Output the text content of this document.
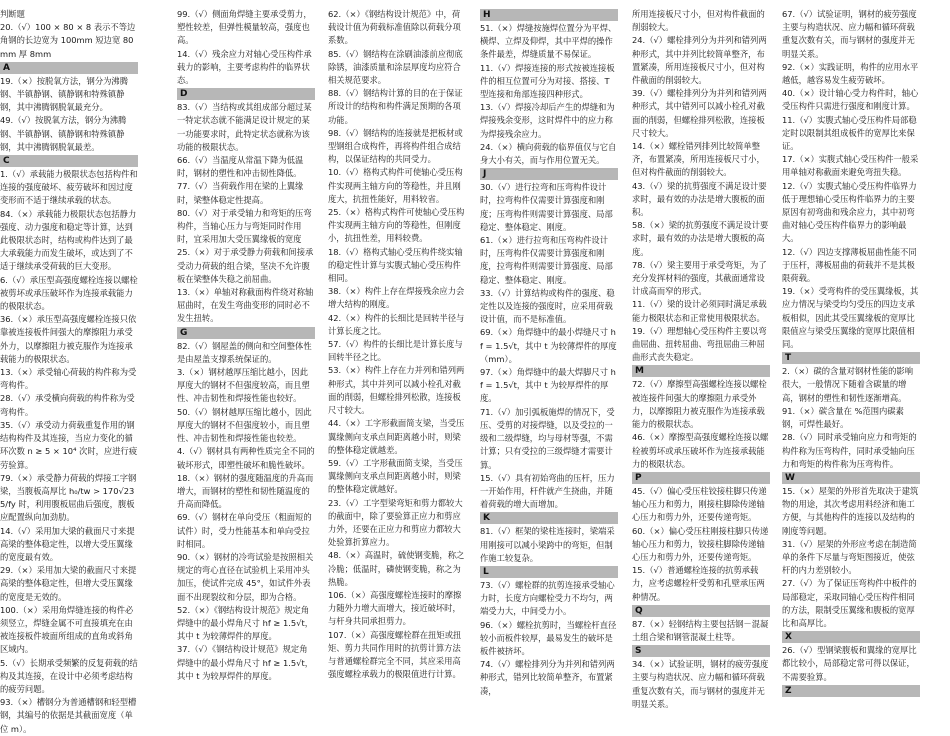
判断题
20.（√）100 × 80 × 8 表示不等边角钢的长边宽为 100mm 短边宽 80mm 厚 8mm
A
19.（×）按脱氧方法，钢分为沸腾钢、半镇静钢、镇静钢和特殊镇静钢，其中沸腾钢脱氧最充分。
49.（√）按脱氧方法，钢分为沸腾钢、半镇静钢、镇静钢和特殊镇静钢，其中沸腾钢脱氧最差。
C
1.（√）承载能力极限状态包括构件和连接的强度破坏、疲劳破坏和因过度变形而不适于继续承载的状态。
84.（×）承载能力极限状态包括静力强度、动力强度和稳定等计算，达到此极限状态时，结构或构件达到了最大承载能力而发生破坏，或达到了不适于继续承受荷载的巨大变形。
6.（√）承压型高强度螺栓连接以螺栓被剪坏或承压破坏作为连接承载能力的极限状态。
36.（×）承压型高强度螺栓连接只依靠被连接板件间强大的摩擦阻力承受外力，以摩擦阻力被克服作为连接承载能力的极限状态。
13.（×）承受轴心荷载的构件称为受弯构件。
28.（√）承受横向荷载的构件称为受弯构件。
35.（√）承受动力荷载重复作用的钢结构构件及其连接，当应力变化的循环次数 n ≥ 5 × 10⁴ 次时，应进行疲劳验算。
79.（×）承受静力荷载的焊接工字钢梁，当腹板高厚比 h₀/tw > 170√235/fy 时，利用腹板屈曲后强度，腹板应配置纵向加劲肋。
14.（√）采用加大梁的截面尺寸来提高梁的整体稳定性，以增大受压翼缘的宽度最有效。
29.（×）采用加大梁的截面尺寸来提高梁的整体稳定性，但增大受压翼缘的宽度是无效的。
100.（×）采用角焊缝连接的构件必须竖立，焊缝金属不可直接填充在由被连接板件坡面所组成的直角或斜角区域内。
5.（√）长期承受频繁的反复荷载的结构及其连接，在设计中必须考虑结构的疲劳问题。
93.（×）槽钢分为普通槽钢和轻型槽钢，其编号的依据是其截面宽度（单位 m）。
99.（√）侧面角焊缝主要承受剪力，塑性较差，但弹性模量较高，强度也高。
14.（√）残余应力对轴心受压构件承载力的影响，主要考虑构件的临界状态。
D
83.（√）当结构或其组成部分超过某一特定状态就不能满足设计规定的某一功能要求时，此特定状态就称为该功能的极限状态。
66.（√）当温度从常温下降为低温时，钢材的塑性和冲击韧性降低。
77.（√）当荷载作用在梁的上翼缘时，梁整体稳定性提高。
80.（√）对于承受轴力和弯矩的压弯构件，当轴心压力与弯矩同时作用时，宜采用加大受压翼缘板的宽度
25.（×）对于承受静力荷载和间接承受动力荷载的组合梁，坚决不允许腹板在梁整体失稳之前屈曲。
13.（×）单轴对称截面构件绕对称轴屈曲时，在发生弯曲变形的同时必不发生扭转。
G
82.（√）钢屋盖的侧向和空间整体性是由屋盖支撑系统保证的。
3.（×）钢材越厚压缩比越小，因此厚度大的钢材不但强度较高，而且塑性、冲击韧性和焊接性能也较好。
50.（√）钢材越厚压缩比越小，因此厚度大的钢材不但强度较小，而且塑性、冲击韧性和焊接性能也较差。
4.（√）钢材具有两种性质完全不同的破坏形式，即塑性破坏和脆性破坏。
18.（×）钢材的强度随温度的升高而增大，而钢材的塑性和韧性随温度的升高而降低。
69.（√）钢材在单向受压（粗面短的试件）时，受力性能基本和单向受拉时相同。
90.（×）钢材的冷弯试验是按照相关规定的弯心直径在试验机上采用冲头加压，使试件完成 45°，如试件外表面不出现裂纹和分层，即为合格。
52.（×）《钢结构设计规范》规定角焊缝中的最小焊角尺寸 hf ≥ 1.5√t，其中 t 为较薄焊件的厚度。
37.（√）《钢结构设计规范》规定角焊缝中的最小焊角尺寸 hf ≥ 1.5√t，其中 t 为较厚焊件的厚度。
62.（×）《钢结构设计规范》中，荷载设计值为荷载标准值除以荷载分项系数。
85.（√）钢结构在涂刷油漆前应彻底除锈，油漆质量和涂层厚度均应符合相关规范要求。
88.（√）钢结构计算的目的在于保证所设计的结构和构件满足预期的各项功能。
98.（√）钢结构的连接就是把板材或型钢组合成构件，再将构件组合成结构，以保证结构的共同受力。
10.（√）格构式构件可使轴心受压构件实现两主轴方向的等稳性，并且刚度大，抗扭性能好，用料较省。
25.（×）格构式构件可使轴心受压构件实现两主轴方向的等稳性，但刚度小，抗扭性差，用料较费。
18.（√）格构式轴心受压构件绕实轴的稳定性计算与实腹式轴心受压构件相同。
38.（×）构件上存在焊接残余应力会增大结构的刚度。
42.（×）构件的长细比是回转半径与计算长度之比。
57.（√）构件的长细比是计算长度与回转半径之比。
53.（×）构件上存在力并列和错列两种形式，其中并列可以减小栓孔对截面的削弱，但螺栓排列松散，连接板尺寸较大。
44.（×）工字形截面简支梁，当受压翼缘侧向支承点间距离越小时，则梁的整体稳定就越差。
59.（√）工字形截面简支梁，当受压翼缘侧向支承点间距离越小时，则梁的整体稳定就越好。
23.（√）工字型梁弯矩和剪力都较大的截面中，除了要验算正应力和剪应力外，还要在正应力和剪应力都较大处验算折算应力。
48.（×）高温时，硫使钢变脆，称之冷脆；低温时，磷使钢变脆，称之为热脆。
106.（×）高强度螺栓连接时的摩擦力随外力增大而增大，接近破坏时，与杆身共同承担剪力。
107.（×）高强度螺栓群在扭矩或扭矩、剪力共同作用时的抗剪计算方法与普通螺栓群完全不同，其应采用高强度螺栓承载力的极限值进行计算。
H
51.（×）焊缝按施焊位置分为平焊、横焊、立焊及仰焊，其中平焊的操作条件最差，焊缝质量不易保证。
11.（√）焊接连接的形式按被连接板件的相互位置可分为对接、搭接、T 型连接和角部连接四种形式。
13.（√）焊接冷却后产生的焊缝和为焊接残余变形，这时焊件中的应力称为焊接残余应力。
24.（×）横向荷载的临界值仅与它自身大小有关，而与作用位置无关。
J
30.（√）进行拉弯和压弯构件设计时，拉弯构件仅需要计算强度和刚度；压弯构件则需要计算强度、局部稳定、整体稳定、刚度。
61.（×）进行拉弯和压弯构件设计时，压弯构件仅需要计算强度和刚度，拉弯构件则需要计算强度、局部稳定、整体稳定、刚度。
33.（√）计算结构或构件的强度、稳定性以及连接的强度时，应采用荷载设计值，而不是标准值。
69.（×）角焊缝中的最小焊缝尺寸 hf = 1.5√t，其中 t 为较薄焊件的厚度（mm）。
97.（×）角焊缝中的最大焊脚尺寸 hf = 1.5√t，其中 t 为较厚焊件的厚度。
71.（√）加引弧板施焊的情况下，受压、受剪的对接焊缝，以及受拉的一级和二级焊缝，均与母材等强，不需计算；只有受拉的三级焊缝才需要计算。
15.（√）具有初始弯曲的压杆，压力一开始作用，杆件就产生挠曲，并随着荷载的增大而增加。
K
81.（√）框架的梁柱连接时，梁端采用刚接可以减小梁跨中的弯矩，但制作施工较复杂。
L
73.（√）螺栓群的抗剪连接承受轴心力时，长度方向螺栓受力不均匀，两端受力大，中间受力小。
96.（×）螺栓抗剪时，当螺栓杆直径较小而板件较厚，最易发生的破坏是板件被挤坏。
74.（√）螺栓排列分为并列和错列两种形式，错列比较简单整齐，布置紧凑，
所用连接板尺寸小，但对构件截面的削弱较大。
24.（√）螺栓排列分为并列和错列两种形式，其中并列比较简单整齐，布置紧凑，所用连接板尺寸小，但对构件截面的削弱较大。
39.（√）螺栓排列分为并列和错列两种形式，其中错列可以减小栓孔对截面的削弱，但螺栓排列松散，连接板尺寸较大。
14.（×）螺栓错列排列比较简单整齐，布置紧凑，所用连接板尺寸小，但对构件截面的削弱较大。
43.（√）梁的抗剪强度不满足设计要求时，最有效的办法是增大腹板的面积。
58.（×）梁的抗剪强度不满足设计要求时，最有效的办法是增大腹板的高度。
78.（√）梁主要用于承受弯矩，为了充分发挥材料的强度，其截面通常设计成高而窄的形式。
11.（√）梁的设计必须同时满足承载能力极限状态和正常使用极限状态。
19.（√）理想轴心受压构件主要以弯曲屈曲、扭转屈曲、弯扭屈曲三种屈曲形式丧失稳定。
M
72.（√）摩擦型高强螺栓连接以螺栓被连接件间强大的摩擦阻力承受外力，以摩擦阻力被克服作为连接承载能力的极限状态。
46.（×）摩擦型高强度螺栓连接以螺栓被剪坏或承压破坏作为连接承载能力的极限状态。
P
45.（√）偏心受压柱铰接柱脚只传递轴心压力和剪力，刚接柱脚除传递轴心压力和剪力外，还要传递弯矩。
60.（×）偏心受压柱刚接柱脚只传递轴心压力和剪力，铰接柱脚除传递轴心压力和剪力外，还要传递弯矩。
15.（√）普通螺栓连接的抗剪承载力，应考虑螺栓杆受剪和孔壁承压两种情况。
Q
87.（×）轻钢结构主要包括钢－混凝土组合梁和钢管混凝土柱等。
S
34.（×）试验证明，钢材的疲劳强度主要与构造状况、应力幅和循环荷载重复次数有关，而与钢材的强度并无明显关系。
67.（√）试验证明，钢材的疲劳强度主要与构造状况、应力幅和循环荷载重复次数有关，而与钢材的强度并无明显关系。
92.（×）实践证明，构件的应用水平越低，越容易发生疲劳破坏。
40.（×）设计轴心受力构件时，轴心受压构件只需进行强度和刚度计算。
11.（√）实腹式轴心受压构件局部稳定时以限制其组成板件的宽厚比来保证。
17.（×）实腹式轴心受压构件一般采用单轴对称截面来避免弯扭失稳。
12.（√）实腹式轴心受压构件临界力低于理想轴心受压构件临界力的主要原因有初弯曲和残余应力，其中初弯曲对轴心受压构件临界力的影响最大。
12.（√）四边支撑薄板屈曲性能不同于压杆，薄板屈曲的荷载并不是其极限荷载。
19.（×）受弯构件的受压翼缘板，其应力情况与梁受均匀受压的四边支承板相似，因此其受压翼缘板的宽厚比限值应与梁受压翼缘的宽厚比限值相同。
T
2.（×）碳的含量对钢材性能的影响很大，一般情况下随着含碳量的增高，钢材的塑性和韧性逐渐增高。
91.（×）碳含量在 %范围内碳素钢，可焊性最好。
28.（√）同时承受轴向应力和弯矩的构件称为压弯构件，同时承受轴向压力和弯矩的构件称为压弯构件。
W
15.（×）屋架的外形首先取决于建筑物的用途，其次考虑用料经济和施工方便，与其他构件的连接以及结构的刚度等问题。
31.（√）屋架的外形应考虑在制造简单的条件下尽量与弯矩图接近，使弦杆的内力差别较小。
27.（√）为了保证压弯构件中板件的局部稳定，采取同轴心受压构件相同的方法，限制受压翼缘和腹板的宽厚比和高厚比。
X
26.（√）型钢梁腹板和翼缘的宽厚比都比较小，局部稳定常可得以保证，不需要验算。
Z
